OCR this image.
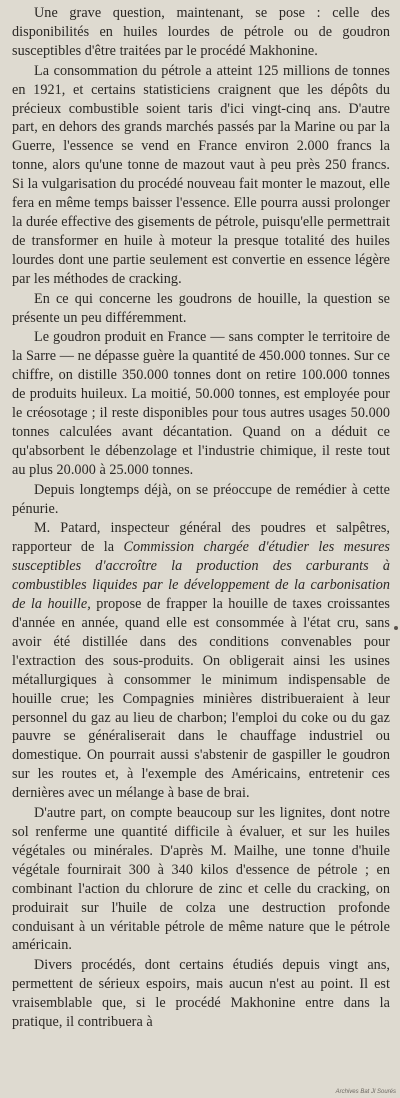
Une grave question, maintenant, se pose : celle des disponibilités en huiles lourdes de pétrole ou de goudron susceptibles d'être traitées par le procédé Makhonine.

La consommation du pétrole a atteint 125 millions de tonnes en 1921, et certains statisticiens craignent que les dépôts du précieux combustible soient taris d'ici vingt-cinq ans. D'autre part, en dehors des grands marchés passés par la Marine ou par la Guerre, l'essence se vend en France environ 2.000 francs la tonne, alors qu'une tonne de mazout vaut à peu près 250 francs. Si la vulgarisation du procédé nouveau fait monter le mazout, elle fera en même temps baisser l'essence. Elle pourra aussi prolonger la durée effective des gisements de pétrole, puisqu'elle permettrait de transformer en huile à moteur la presque totalité des huiles lourdes dont une partie seulement est convertie en essence légère par les méthodes de cracking.

En ce qui concerne les goudrons de houille, la question se présente un peu différemment.

Le goudron produit en France — sans compter le territoire de la Sarre — ne dépasse guère la quantité de 450.000 tonnes. Sur ce chiffre, on distille 350.000 tonnes dont on retire 100.000 tonnes de produits huileux. La moitié, 50.000 tonnes, est employée pour le créosotage ; il reste disponibles pour tous autres usages 50.000 tonnes calculées avant décantation. Quand on a déduit ce qu'absorbent le débenzolage et l'industrie chimique, il reste tout au plus 20.000 à 25.000 tonnes.

Depuis longtemps déjà, on se préoccupe de remédier à cette pénurie.

M. Patard, inspecteur général des poudres et salpêtres, rapporteur de la Commission chargée d'étudier les mesures susceptibles d'accroître la production des carburants à combustibles liquides par le développement de la carbonisation de la houille, propose de frapper la houille de taxes croissantes d'année en année, quand elle est consommée à l'état cru, sans avoir été distillée dans des conditions convenables pour l'extraction des sous-produits. On obligerait ainsi les usines métallurgiques à consommer le minimum indispensable de houille crue; les Compagnies minières distribueraient à leur personnel du gaz au lieu de charbon; l'emploi du coke ou du gaz pauvre se généraliserait dans le chauffage industriel ou domestique. On pourrait aussi s'abstenir de gaspiller le goudron sur les routes et, à l'exemple des Américains, entretenir ces dernières avec un mélange à base de brai.

D'autre part, on compte beaucoup sur les lignites, dont notre sol renferme une quantité difficile à évaluer, et sur les huiles végétales ou minérales. D'après M. Mailhe, une tonne d'huile végétale fournirait 300 à 340 kilos d'essence de pétrole ; en combinant l'action du chlorure de zinc et celle du cracking, on produirait sur l'huile de colza une destruction profonde conduisant à un véritable pétrole de même nature que le pétrole américain.

Divers procédés, dont certains étudiés depuis vingt ans, permettent de sérieux espoirs, mais aucun n'est au point. Il est vraisemblable que, si le procédé Makhonine entre dans la pratique, il contribuera à

Archives Bat Jl Sourés
